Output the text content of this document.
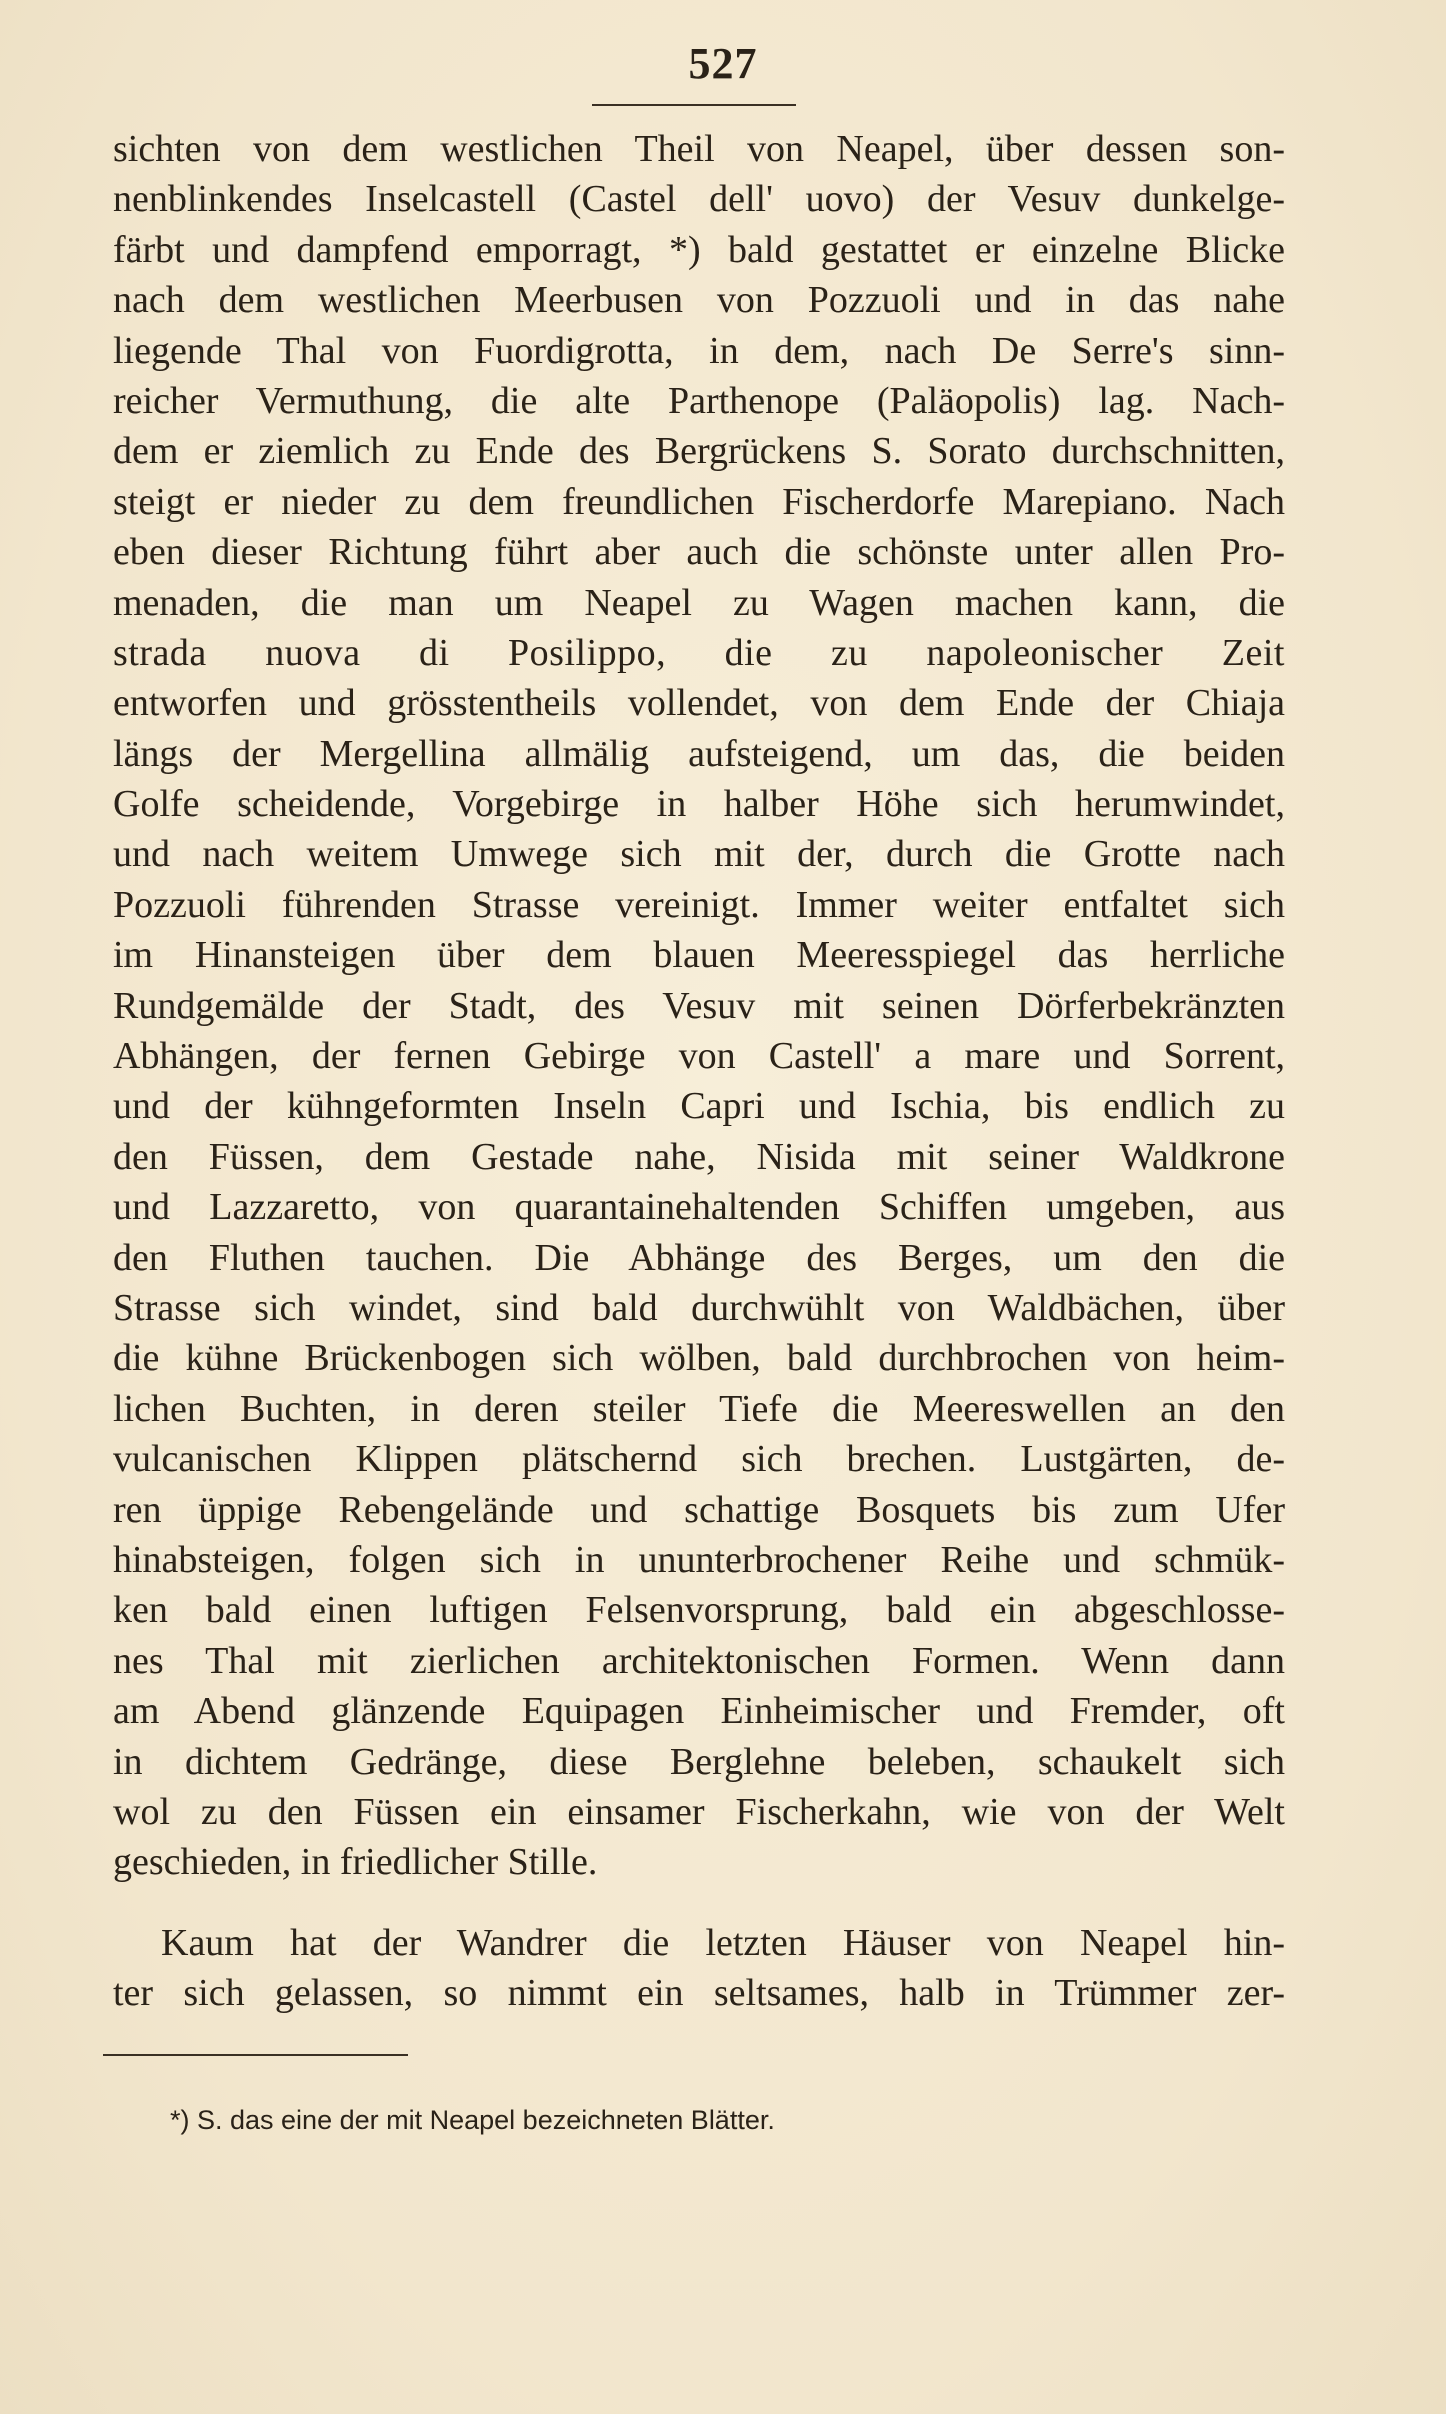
527
sichten von dem westlichen Theil von Neapel, über dessen son-
nenblinkendes Inselcastell (Castel dell' uovo) der Vesuv dunkelge-
färbt und dampfend emporragt, *) bald gestattet er einzelne Blicke
nach dem westlichen Meerbusen von Pozzuoli und in das nahe
liegende Thal von Fuordigrotta, in dem, nach De Serre's sinn-
reicher Vermuthung, die alte Parthenope (Paläopolis) lag. Nach-
dem er ziemlich zu Ende des Bergrückens S. Sorato durchschnitten,
steigt er nieder zu dem freundlichen Fischerdorfe Marepiano. Nach
eben dieser Richtung führt aber auch die schönste unter allen Pro-
menaden, die man um Neapel zu Wagen machen kann, die
strada nuova di Posilippo, die zu napoleonischer Zeit
entworfen und grösstentheils vollendet, von dem Ende der Chiaja
längs der Mergellina allmälig aufsteigend, um das, die beiden
Golfe scheidende, Vorgebirge in halber Höhe sich herumwindet,
und nach weitem Umwege sich mit der, durch die Grotte nach
Pozzuoli führenden Strasse vereinigt. Immer weiter entfaltet sich
im Hinansteigen über dem blauen Meeresspiegel das herrliche
Rundgemälde der Stadt, des Vesuv mit seinen Dörferbekränzten
Abhängen, der fernen Gebirge von Castell' a mare und Sorrent,
und der kühngeformten Inseln Capri und Ischia, bis endlich zu
den Füssen, dem Gestade nahe, Nisida mit seiner Waldkrone
und Lazzaretto, von quarantainehaltenden Schiffen umgeben, aus
den Fluthen tauchen. Die Abhänge des Berges, um den die
Strasse sich windet, sind bald durchwühlt von Waldbächen, über
die kühne Brückenbogen sich wölben, bald durchbrochen von heim-
lichen Buchten, in deren steiler Tiefe die Meereswellen an den
vulcanischen Klippen plätschernd sich brechen. Lustgärten, de-
ren üppige Rebengelände und schattige Bosquets bis zum Ufer
hinabsteigen, folgen sich in ununterbrochener Reihe und schmük-
ken bald einen luftigen Felsenvorsprung, bald ein abgeschlosse-
nes Thal mit zierlichen architektonischen Formen. Wenn dann
am Abend glänzende Equipagen Einheimischer und Fremder, oft
in dichtem Gedränge, diese Berglehne beleben, schaukelt sich
wol zu den Füssen ein einsamer Fischerkahn, wie von der Welt
geschieden, in friedlicher Stille.
Kaum hat der Wandrer die letzten Häuser von Neapel hin-
ter sich gelassen, so nimmt ein seltsames, halb in Trümmer zer-
*) S. das eine der mit Neapel bezeichneten Blätter.
